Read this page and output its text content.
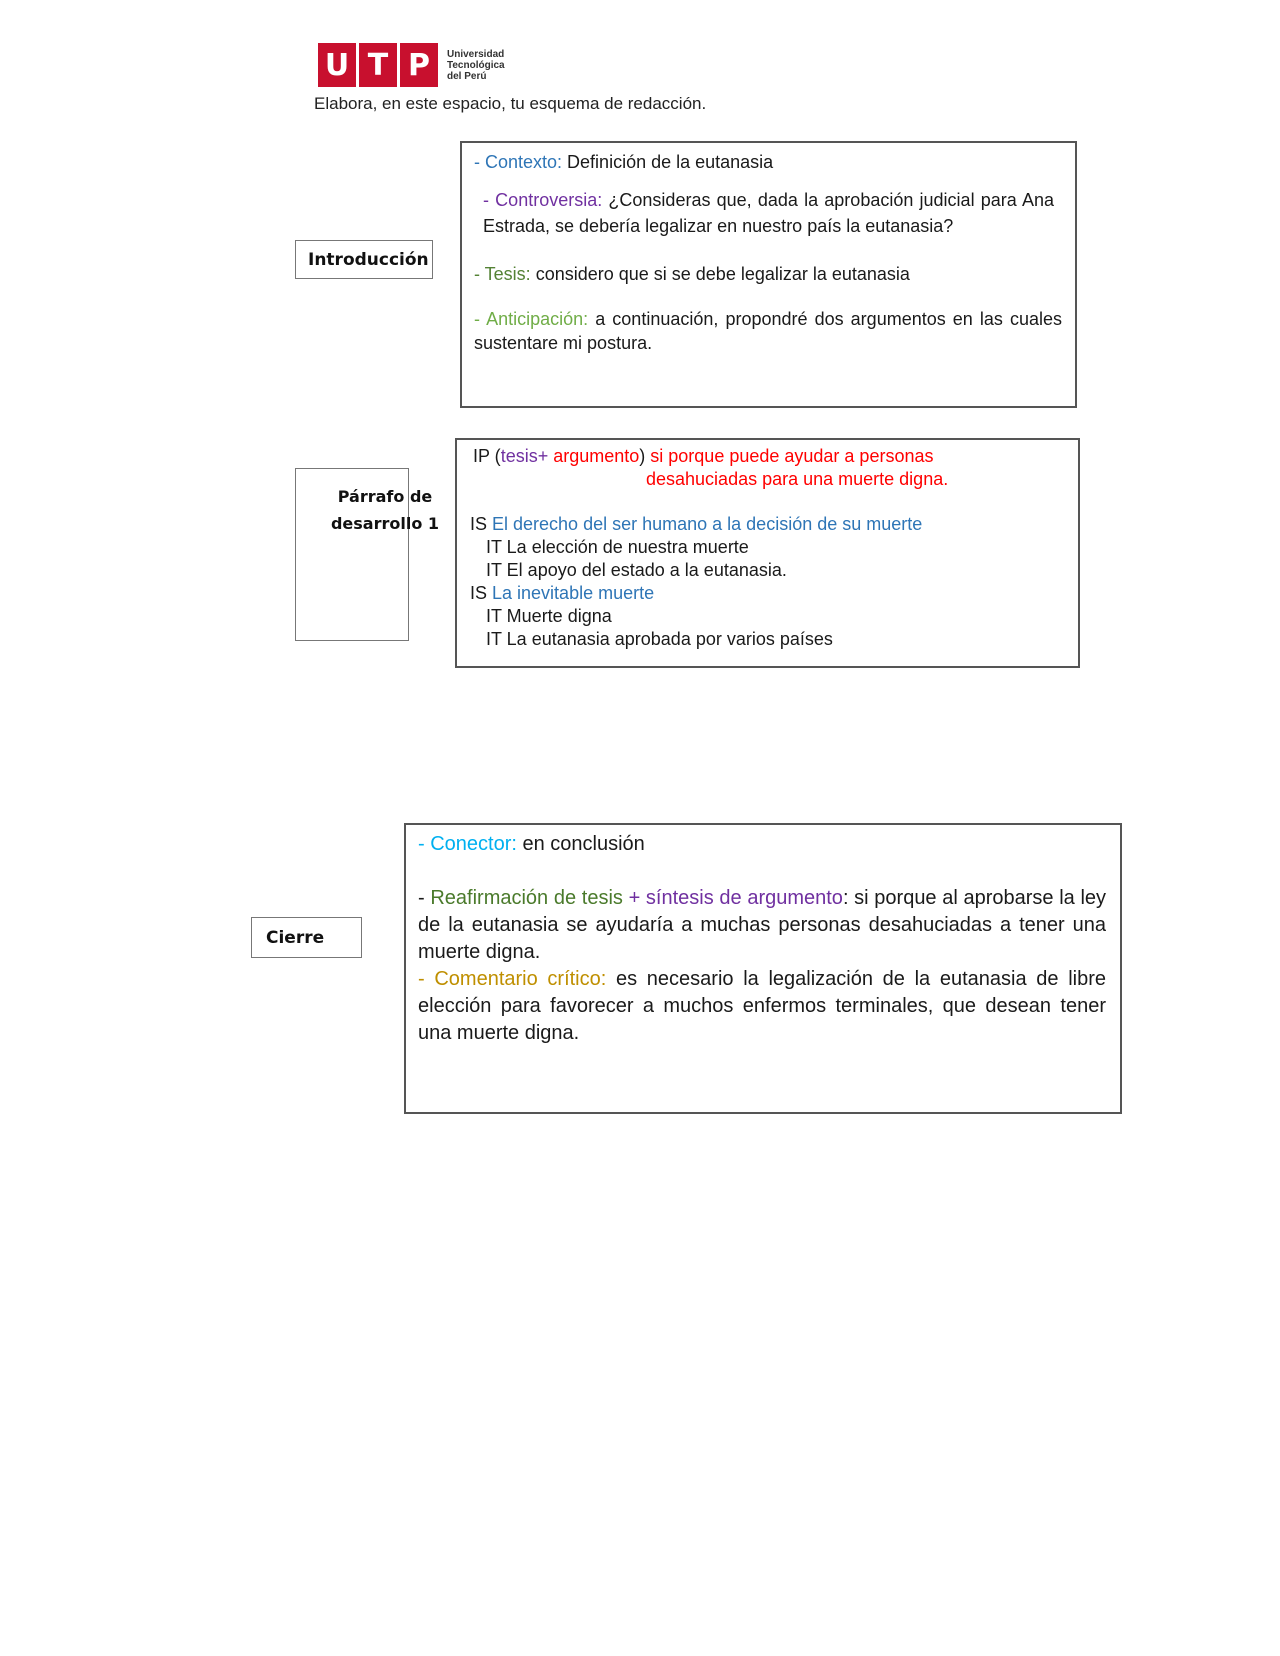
U T P	Universidad
Tecnológica
del Perú
Elabora, en este espacio, tu esquema de redacción.
Introducción

- Contexto: Definición de la eutanasia

- Controversia: ¿Consideras que, dada la aprobación judicial para Ana Estrada, se debería legalizar en nuestro país la eutanasia?

- Tesis: considero que si se debe legalizar la eutanasia

- Anticipación: a continuación, propondré dos argumentos en las cuales sustentare mi postura.

Párrafo de
desarrollo 1
IP (tesis+ argumento) si porque puede ayudar a personas
desahuciadas para una muerte digna.
IS El derecho del ser humano a la decisión de su muerte
IT La elección de nuestra muerte
IT El apoyo del estado a la eutanasia.
IS La inevitable muerte
IT Muerte digna
IT La eutanasia aprobada por varios países
Cierre

- Conector: en conclusión

- Reafirmación de tesis + síntesis de argumento: si porque al aprobarse la ley de la eutanasia se ayudaría a muchas personas desahuciadas a tener una muerte digna.

- Comentario crítico: es necesario la legalización de la eutanasia de libre elección para favorecer a muchos enfermos terminales, que desean tener una muerte digna.
